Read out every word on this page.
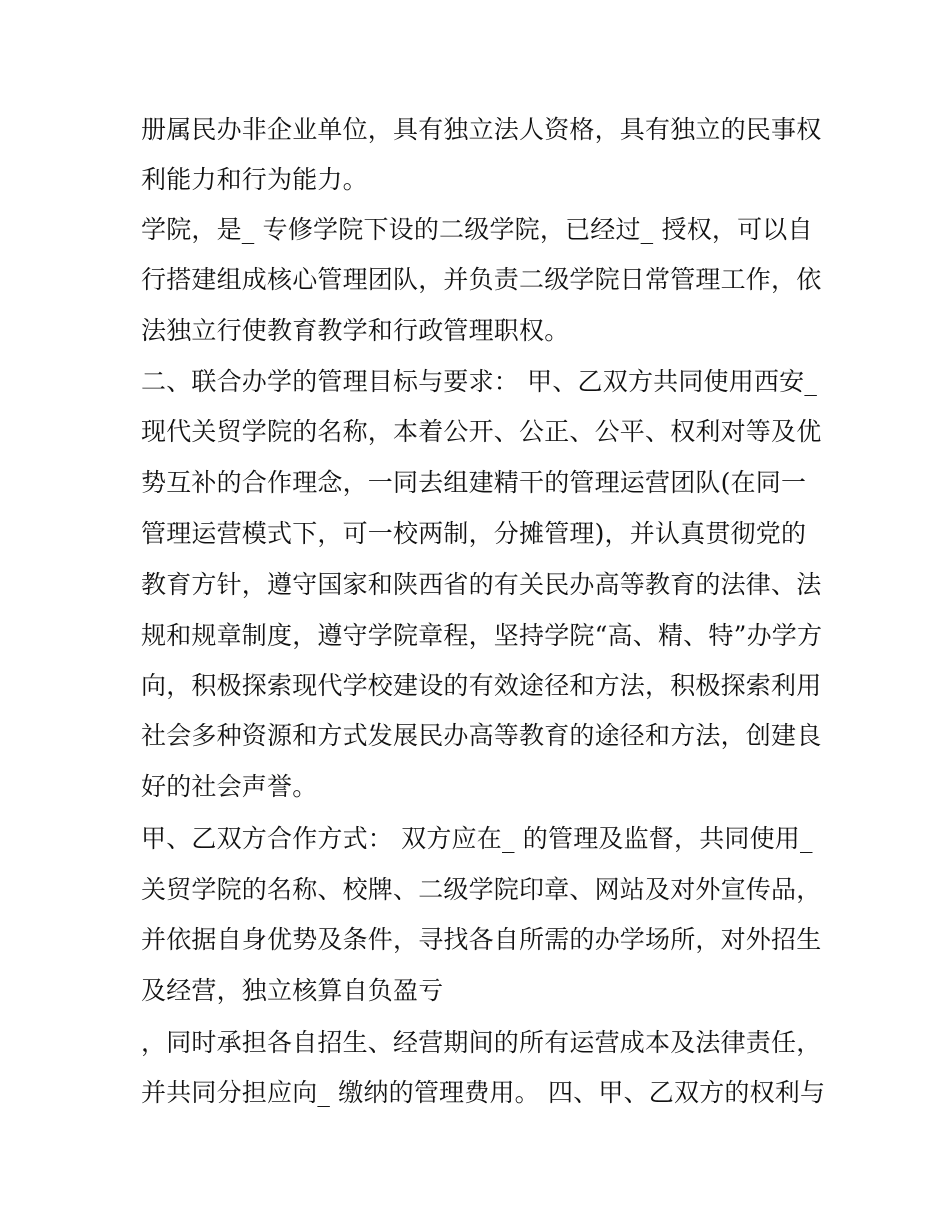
册属民办非企业单位，具有独立法人资格，具有独立的民事权
利能力和行为能力。
学院，是_ 专修学院下设的二级学院，已经过_ 授权，可以自
行搭建组成核心管理团队，并负责二级学院日常管理工作，依
法独立行使教育教学和行政管理职权。
二、联合办学的管理目标与要求： 甲、乙双方共同使用西安_
现代关贸学院的名称，本着公开、公正、公平、权利对等及优
势互补的合作理念，一同去组建精干的管理运营团队(在同一
管理运营模式下，可一校两制，分摊管理)，并认真贯彻党的
教育方针，遵守国家和陕西省的有关民办高等教育的法律、法
规和规章制度，遵守学院章程，坚持学院“高、精、特”办学方
向，积极探索现代学校建设的有效途径和方法，积极探索利用
社会多种资源和方式发展民办高等教育的途径和方法，创建良
好的社会声誉。
甲、乙双方合作方式： 双方应在_ 的管理及监督，共同使用_
关贸学院的名称、校牌、二级学院印章、网站及对外宣传品，
并依据自身优势及条件，寻找各自所需的办学场所，对外招生
及经营，独立核算自负盈亏
，同时承担各自招生、经营期间的所有运营成本及法律责任，
并共同分担应向_ 缴纳的管理费用。 四、甲、乙双方的权利与
